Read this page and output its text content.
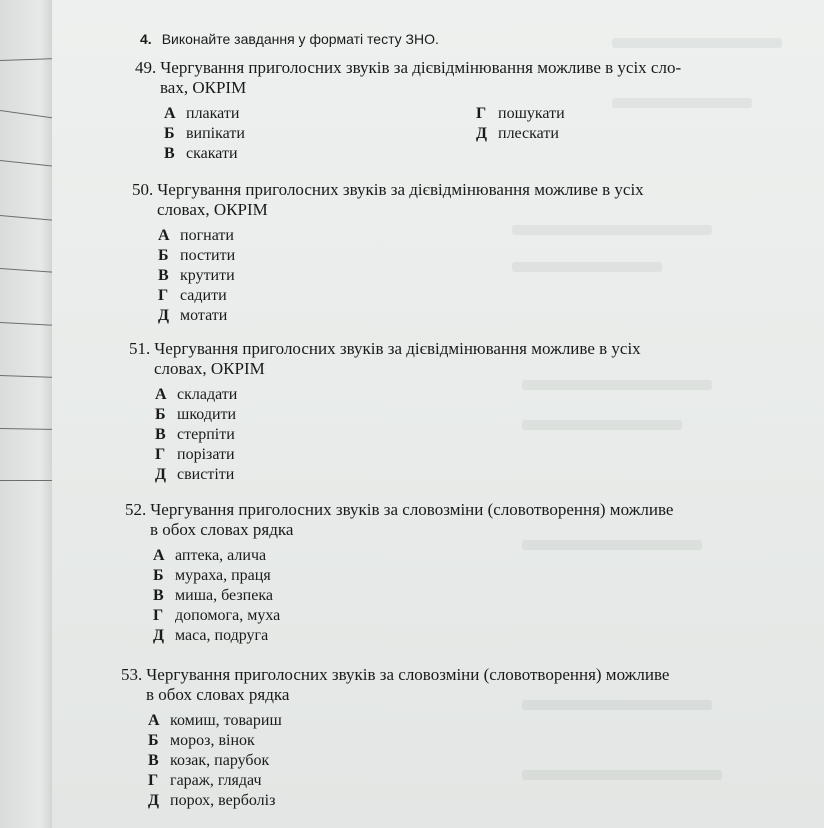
4. Виконайте завдання у форматі тесту ЗНО.
49. Чергування приголосних звуків за дієвідмінювання можливе в усіх сло-
вах, ОКРІМ
А плакати
Б випікати
В скакати
Г пошукати
Д плескати
50. Чергування приголосних звуків за дієвідмінювання можливе в усіх
словах, ОКРІМ
А погнати
Б постити
В крутити
Г садити
Д мотати
51. Чергування приголосних звуків за дієвідмінювання можливе в усіх
словах, ОКРІМ
А складати
Б шкодити
В стерпіти
Г порізати
Д свистіти
52. Чергування приголосних звуків за словозміни (словотворення) можливе
в обох словах рядка
А аптека, алича
Б мураха, праця
В миша, безпека
Г допомога, муха
Д маса, подруга
53. Чергування приголосних звуків за словозміни (словотворення) можливе
в обох словах рядка
А комиш, товариш
Б мороз, вінок
В козак, парубок
Г гараж, глядач
Д порох, верболіз
